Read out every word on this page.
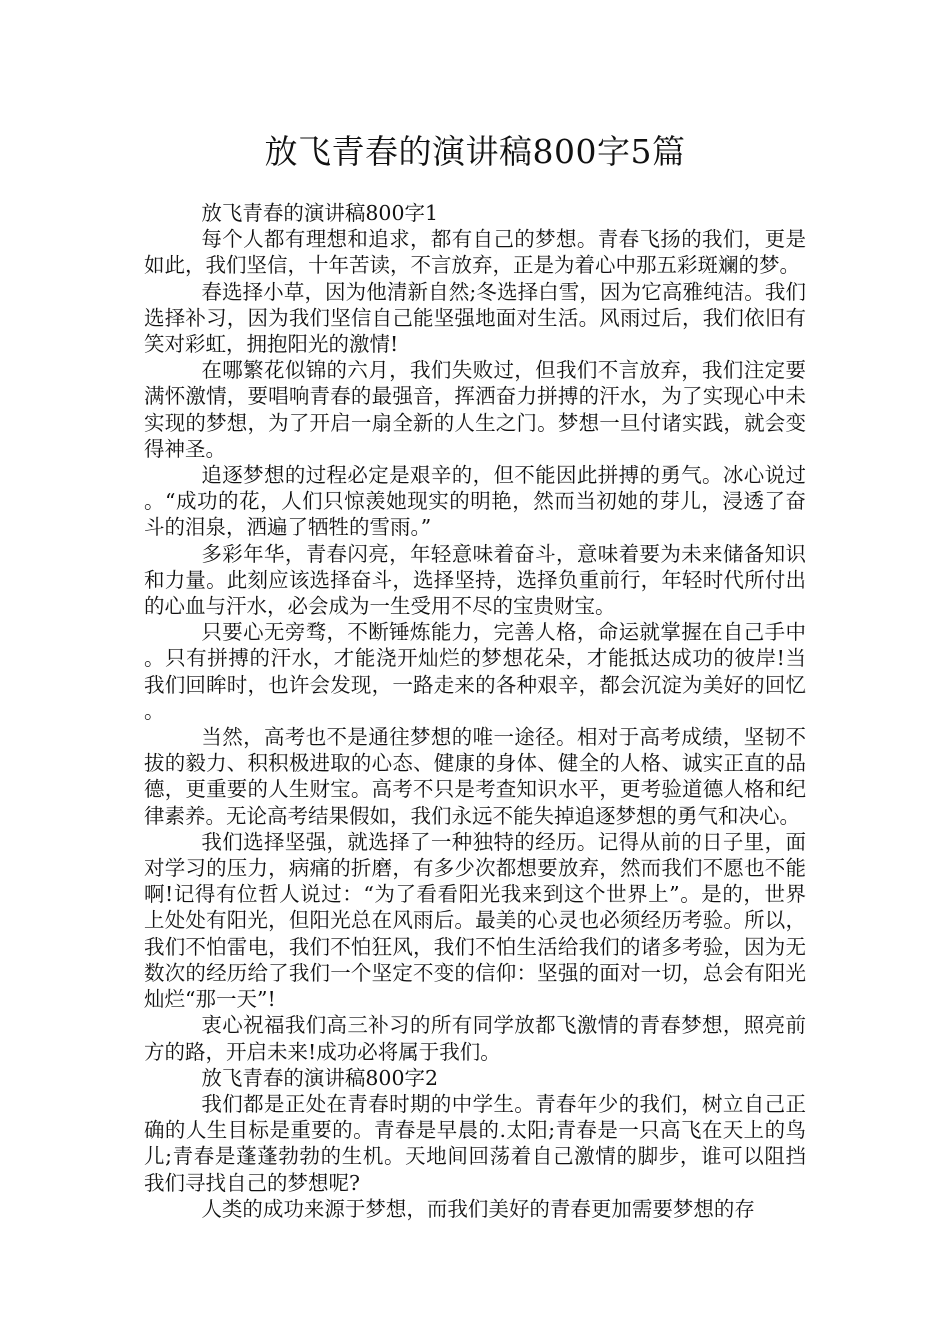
放飞青春的演讲稿800字5篇

放飞青春的演讲稿800字1

每个人都有理想和追求，都有自己的梦想。青春飞扬的我们，更是如此，我们坚信，十年苦读，不言放弃，正是为着心中那五彩斑斓的梦。

春选择小草，因为他清新自然;冬选择白雪，因为它高雅纯洁。我们选择补习，因为我们坚信自己能坚强地面对生活。风雨过后，我们依旧有笑对彩虹，拥抱阳光的激情!

在哪繁花似锦的六月，我们失败过，但我们不言放弃，我们注定要满怀激情，要唱响青春的最强音，挥洒奋力拼搏的汗水，为了实现心中未实现的梦想，为了开启一扇全新的人生之门。梦想一旦付诸实践，就会变得神圣。

追逐梦想的过程必定是艰辛的，但不能因此拼搏的勇气。冰心说过。“成功的花，人们只惊羡她现实的明艳，然而当初她的芽儿，浸透了奋斗的泪泉，洒遍了牺牲的雪雨。”

多彩年华，青春闪亮，年轻意味着奋斗，意味着要为未来储备知识和力量。此刻应该选择奋斗，选择坚持，选择负重前行，年轻时代所付出的心血与汗水，必会成为一生受用不尽的宝贵财宝。

只要心无旁骛，不断锤炼能力，完善人格，命运就掌握在自己手中。只有拼搏的汗水，才能浇开灿烂的梦想花朵，才能抵达成功的彼岸!当我们回眸时，也许会发现，一路走来的各种艰辛，都会沉淀为美好的回忆。

当然，高考也不是通往梦想的唯一途径。相对于高考成绩，坚韧不拔的毅力、积积极进取的心态、健康的身体、健全的人格、诚实正直的品德，更重要的人生财宝。高考不只是考查知识水平，更考验道德人格和纪律素养。无论高考结果假如，我们永远不能失掉追逐梦想的勇气和决心。

我们选择坚强，就选择了一种独特的经历。记得从前的日子里，面对学习的压力，病痛的折磨，有多少次都想要放弃，然而我们不愿也不能啊!记得有位哲人说过：“为了看看阳光我来到这个世界上”。是的，世界上处处有阳光，但阳光总在风雨后。最美的心灵也必须经历考验。所以，我们不怕雷电，我们不怕狂风，我们不怕生活给我们的诸多考验，因为无数次的经历给了我们一个坚定不变的信仰：坚强的面对一切，总会有阳光灿烂“那一天”!

衷心祝福我们高三补习的所有同学放都飞激情的青春梦想，照亮前方的路，开启未来!成功必将属于我们。

放飞青春的演讲稿800字2

我们都是正处在青春时期的中学生。青春年少的我们，树立自己正确的人生目标是重要的。青春是早晨的.太阳;青春是一只高飞在天上的鸟儿;青春是蓬蓬勃勃的生机。天地间回荡着自己激情的脚步，谁可以阻挡我们寻找自己的梦想呢?

人类的成功来源于梦想，而我们美好的青春更加需要梦想的存
